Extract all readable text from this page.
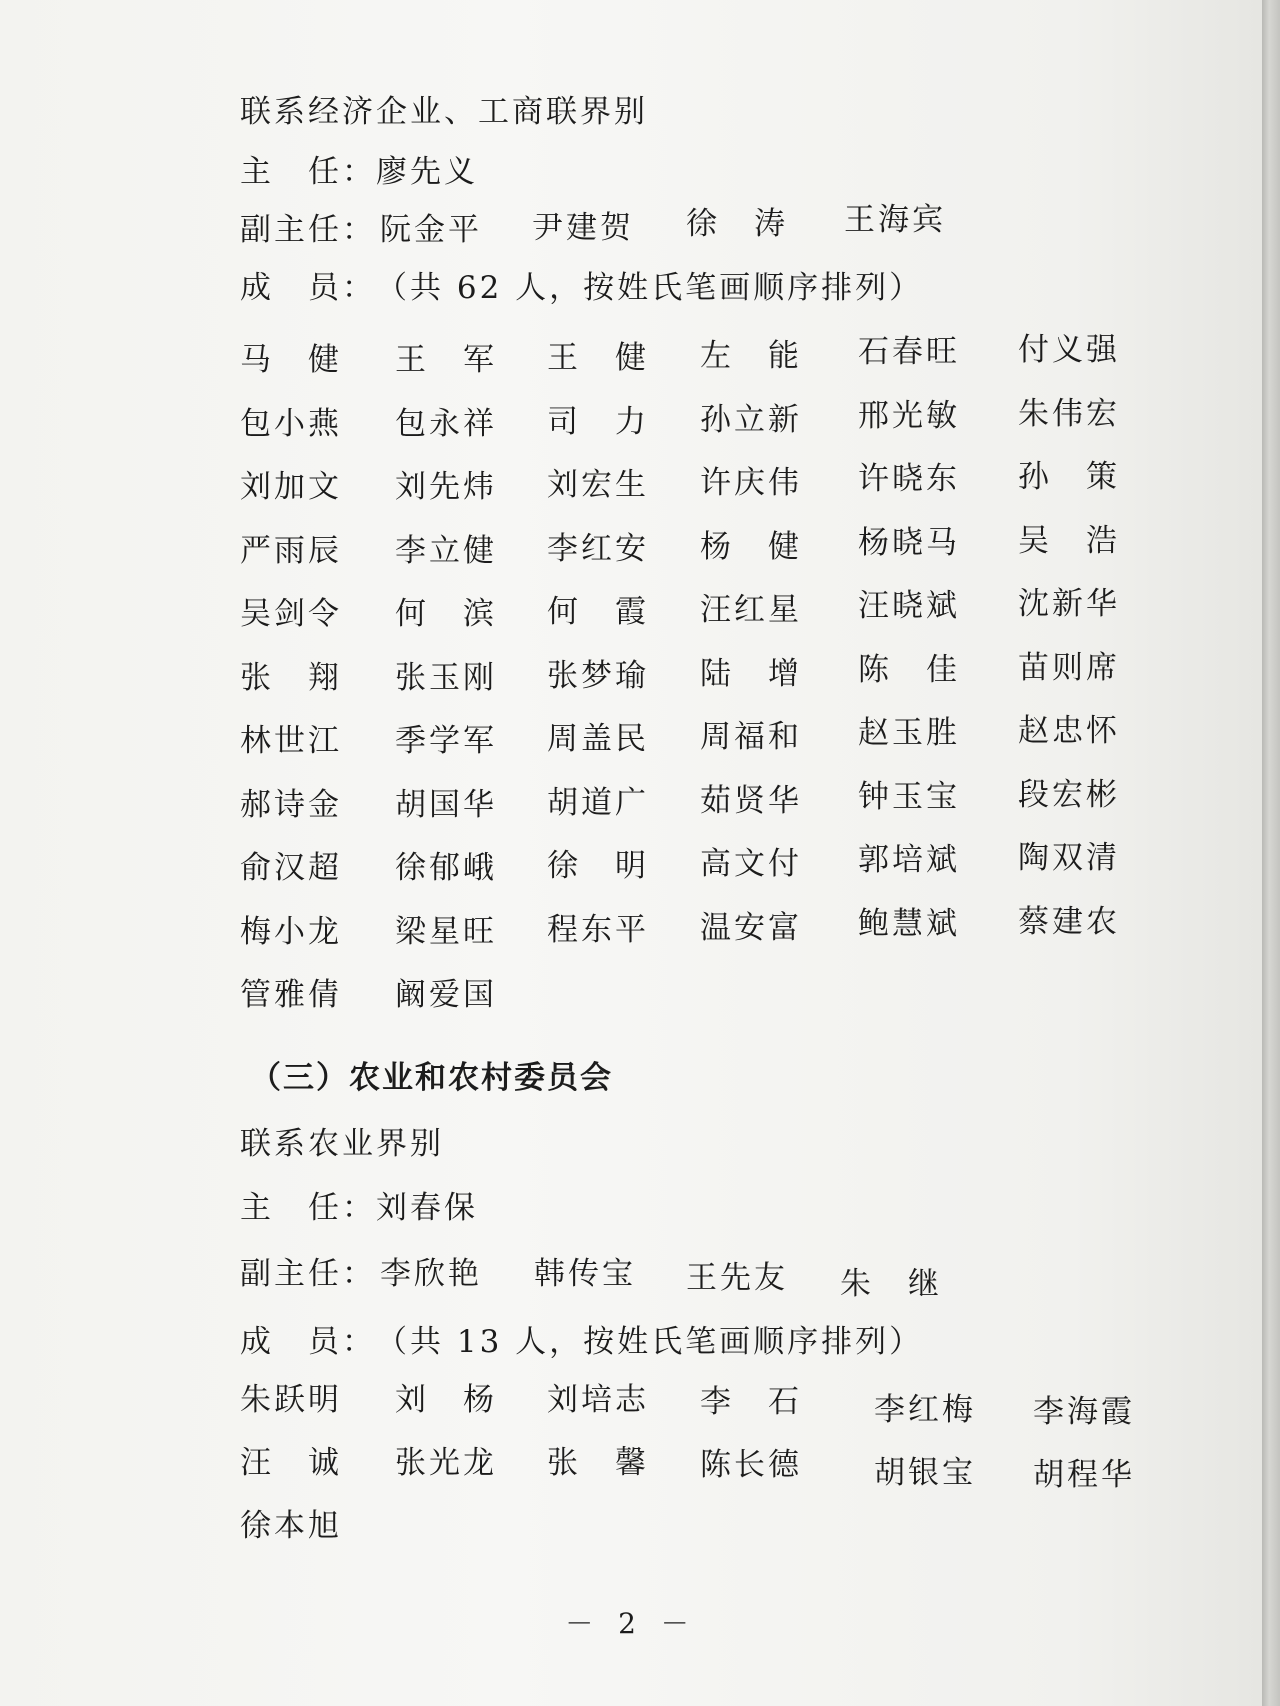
联系经济企业、工商联界别
主　任：廖先义
副主任： 阮金平 尹建贺 徐　涛 王海宾
成　员：（共 62 人，按姓氏笔画顺序排列）
马　健 王　军 王　健 左　能 石春旺 付义强
包小燕 包永祥 司　力 孙立新 邢光敏 朱伟宏
刘加文 刘先炜 刘宏生 许庆伟 许晓东 孙　策
严雨辰 李立健 李红安 杨　健 杨晓马 吴　浩
吴剑令 何　滨 何　霞 汪红星 汪晓斌 沈新华
张　翔 张玉刚 张梦瑜 陆　增 陈　佳 苗则席
林世江 季学军 周盖民 周福和 赵玉胜 赵忠怀
郝诗金 胡国华 胡道广 茹贤华 钟玉宝 段宏彬
俞汉超 徐郁峨 徐　明 高文付 郭培斌 陶双清
梅小龙 梁星旺 程东平 温安富 鲍慧斌 蔡建农
管雅倩 阚爱国
（三）农业和农村委员会
联系农业界别
主　任：刘春保
副主任： 李欣艳 韩传宝 王先友 朱　继
成　员：（共 13 人，按姓氏笔画顺序排列）
朱跃明 刘　杨 刘培志 李　石 李红梅 李海霞
汪　诚 张光龙 张　馨 陈长德 胡银宝 胡程华
徐本旭
－ 2 －
